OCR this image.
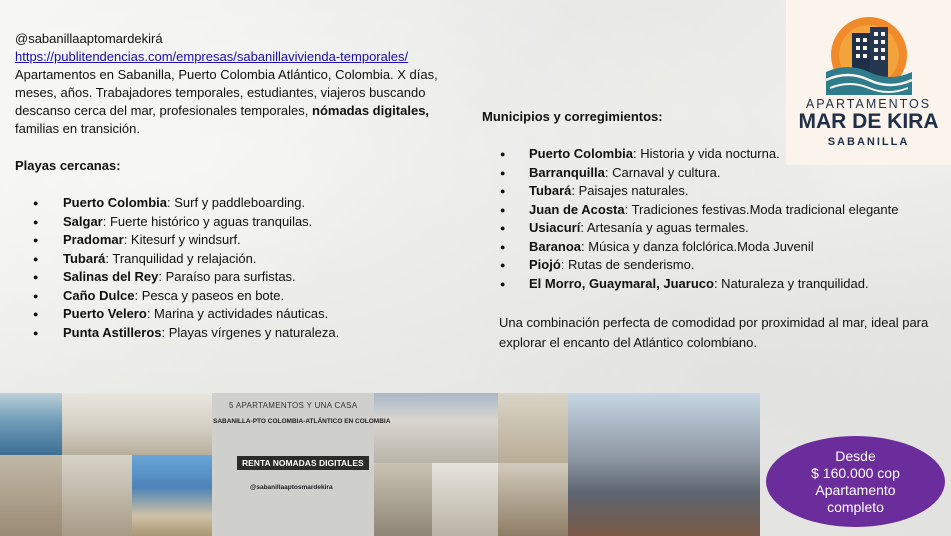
@sabanillaaptomardekirá
https://publitendencias.com/empresas/sabanillavivienda-temporales/
Apartamentos en Sabanilla, Puerto Colombia Atlántico, Colombia. X días, meses, años. Trabajadores temporales, estudiantes, viajeros buscando descanso cerca del mar, profesionales temporales, nómadas digitales, familias en transición.
Playas cercanas:
● Puerto Colombia: Surf y paddleboarding.
● Salgar: Fuerte histórico y aguas tranquilas.
● Pradomar: Kitesurf y windsurf.
● Tubará: Tranquilidad y relajación.
● Salinas del Rey: Paraíso para surfistas.
● Caño Dulce: Pesca y paseos en bote.
● Puerto Velero: Marina y actividades náuticas.
● Punta Astilleros: Playas vírgenes y naturaleza.
Municipios y corregimientos:
● Puerto Colombia: Historia y vida nocturna.
● Barranquilla: Carnaval y cultura.
● Tubará: Paisajes naturales.
● Juan de Acosta: Tradiciones festivas.Moda tradicional elegante
● Usiacurí: Artesanía y aguas termales.
● Baranoa: Música y danza folclórica.Moda Juvenil
● Piojó: Rutas de senderismo.
● El Morro, Guaymaral, Juaruco: Naturaleza y tranquilidad.
Una combinación perfecta de comodidad por proximidad al mar, ideal para explorar el encanto del Atlántico colombiano.
APARTAMENTOS
MAR DE KIRA
SABANILLA
5 APARTAMENTOS Y UNA CASA
SABANILLA-PTO COLOMBIA-ATLÁNTICO EN COLOMBIA
RENTA NOMADAS DIGITALES
@sabanillaaptosmardekira
Desde
$ 160.000 cop
Apartamento
completo
